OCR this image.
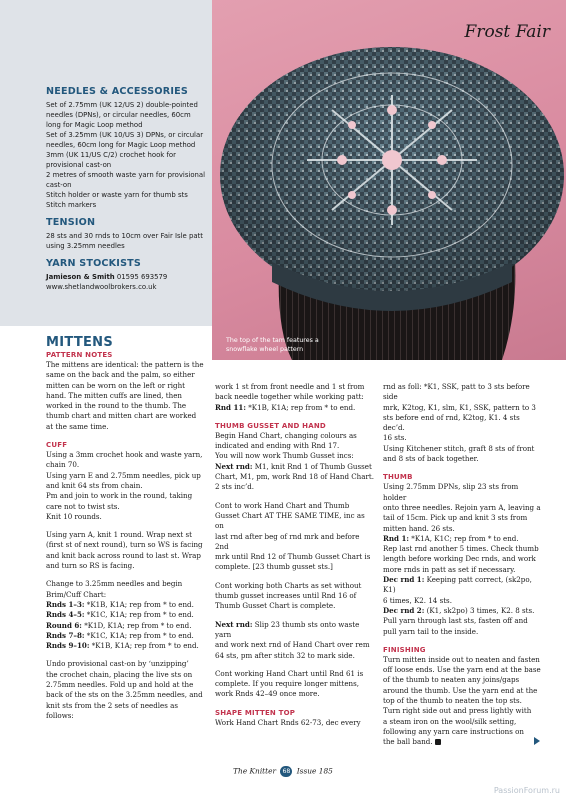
NEEDLES & ACCESSORIES
Set of 2.75mm (UK 12/US 2) double-pointed
needles (DPNs), or circular needles, 60cm
long for Magic Loop method
Set of 3.25mm (UK 10/US 3) DPNs, or circular
needles, 60cm long for Magic Loop method
3mm (UK 11/US C/2) crochet hook for
provisional cast-on
2 metres of smooth waste yarn for provisional
cast-on
Stitch holder or waste yarn for thumb sts
Stitch markers
TENSION
28 sts and 30 rnds to 10cm over Fair Isle patt
using 3.25mm needles
YARN STOCKISTS
Jamieson & Smith 01595 693579
www.shetlandwoolbrokers.co.uk
Frost Fair
The top of the tam features a snowflake wheel pattern
MITTENS
PATTERN NOTES
The mittens are identical: the pattern is the
same on the back and the palm, so either
mitten can be worn on the left or right
hand. The mitten cuffs are lined, then
worked in the round to the thumb. The
thumb chart and mitten chart are worked
at the same time.
CUFF
Using a 3mm crochet hook and waste yarn,
chain 70.
Using yarn E and 2.75mm needles, pick up
and knit 64 sts from chain.
Pm and join to work in the round, taking
care not to twist sts.
Knit 10 rounds.
Using yarn A, knit 1 round. Wrap next st
(first st of next round), turn so WS is facing
and knit back across round to last st. Wrap
and turn so RS is facing.
Change to 3.25mm needles and begin
Brim/Cuff Chart:
Rnds 1–3: *K1B, K1A; rep from * to end.
Rnds 4–5: *K1C, K1A; rep from * to end.
Round 6: *K1D, K1A; rep from * to end.
Rnds 7–8: *K1C, K1A; rep from * to end.
Rnds 9–10: *K1B, K1A; rep from * to end.
Undo provisional cast-on by ‘unzipping’
the crochet chain, placing the live sts on
2.75mm needles. Fold up and hold at the
back of the sts on the 3.25mm needles, and
knit sts from the 2 sets of needles as follows:
work 1 st from front needle and 1 st from
back needle together while working patt:
Rnd 11: *K1B, K1A; rep from * to end.
THUMB GUSSET AND HAND
Begin Hand Chart, changing colours as
indicated and ending with Rnd 17.
You will now work Thumb Gusset incs:
Next rnd: M1, knit Rnd 1 of Thumb Gusset
Chart, M1, pm, work Rnd 18 of Hand Chart.
2 sts inc’d.
Cont to work Hand Chart and Thumb
Gusset Chart AT THE SAME TIME, inc as on
last rnd after beg of rnd mrk and before 2nd
mrk until Rnd 12 of Thumb Gusset Chart is
complete. [23 thumb gusset sts.]
Cont working both Charts as set without
thumb gusset increases until Rnd 16 of
Thumb Gusset Chart is complete.
Next rnd: Slip 23 thumb sts onto waste yarn
and work next rnd of Hand Chart over rem
64 sts, pm after stitch 32 to mark side.
Cont working Hand Chart until Rnd 61 is
complete. If you require longer mittens,
work Rnds 42–49 once more.
SHAPE MITTEN TOP
Work Hand Chart Rnds 62-73, dec every
rnd as foll: *K1, SSK, patt to 3 sts before side
mrk, K2tog, K1, slm, K1, SSK, pattern to 3
sts before end of rnd, K2tog, K1. 4 sts dec’d.
16 sts.
Using Kitchener stitch, graft 8 sts of front
and 8 sts of back together.
THUMB
Using 2.75mm DPNs, slip 23 sts from holder
onto three needles. Rejoin yarn A, leaving a
tail of 15cm. Pick up and knit 3 sts from
mitten hand. 26 sts.
Rnd 1: *K1A, K1C; rep from * to end.
Rep last rnd another 5 times. Check thumb
length before working Dec rnds, and work
more rnds in patt as set if necessary.
Dec rnd 1: Keeping patt correct, (sk2po, K1)
6 times, K2. 14 sts.
Dec rnd 2: (K1, sk2po) 3 times, K2. 8 sts.
Pull yarn through last sts, fasten off and
pull yarn tail to the inside.
FINISHING
Turn mitten inside out to neaten and fasten
off loose ends. Use the yarn end at the base
of the thumb to neaten any joins/gaps
around the thumb. Use the yarn end at the
top of the thumb to neaten the top sts.
Turn right side out and press lightly with
a steam iron on the wool/silk setting,
following any yarn care instructions on
the ball band.
The Knitter 68 Issue 185
PassionForum.ru
